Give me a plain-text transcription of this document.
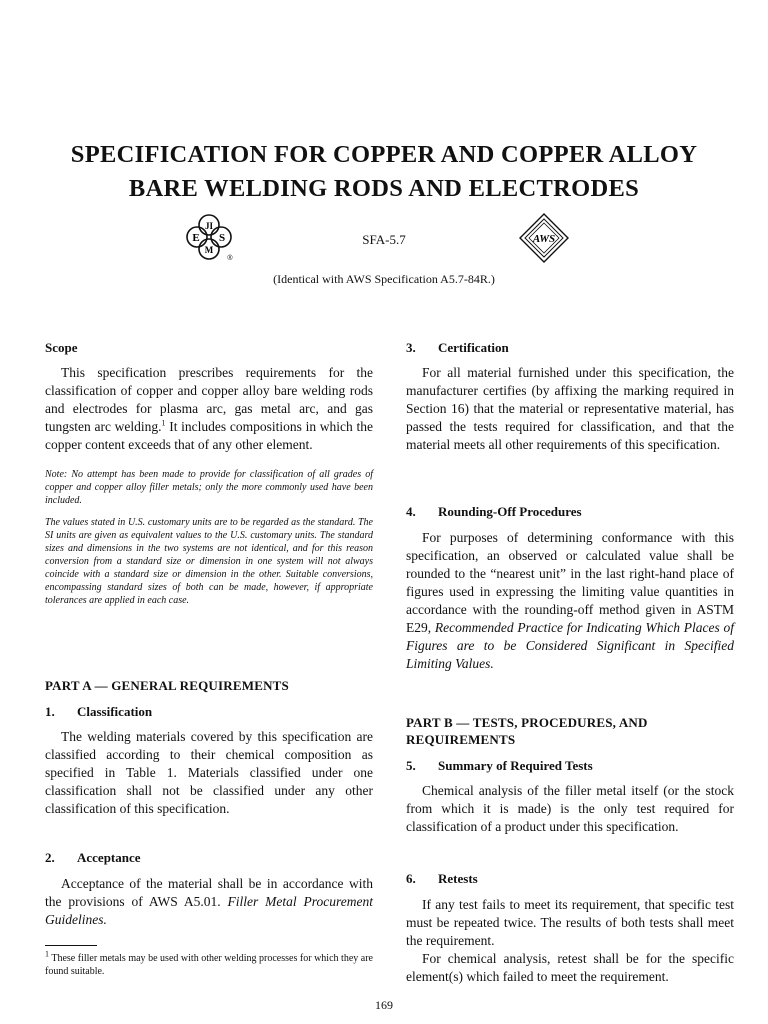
SPECIFICATION FOR COPPER AND COPPER ALLOY
BARE WELDING RODS AND ELECTRODES
JI
E S
M
®
SFA-5.7	AWS
(Identical with AWS Specification A5.7-84R.)
Scope

This specification prescribes requirements for the classification of copper and copper alloy bare welding rods and electrodes for plasma arc, gas metal arc, and gas tungsten arc welding.$^1$ It includes compositions in which the copper content exceeds that of any other element.

Note: No attempt has been made to provide for classification of all grades of copper and copper alloy filler metals; only the more commonly used have been included.

The values stated in U.S. customary units are to be regarded as the standard. The SI units are given as equivalent values to the U.S. customary units. The standard sizes and dimensions in the two systems are not identical, and for this reason conversion from a standard size or dimension in one system will not always coincide with a standard size or dimension in the other. Suitable conversions, encompassing standard sizes of both can be made, however, if appropriate tolerances are applied in each case.

PART A — GENERAL REQUIREMENTS
1. Classification

The welding materials covered by this specification are classified according to their chemical composition as specified in Table 1. Materials classified under one classification shall not be classified under any other classification of this specification.

2. Acceptance

Acceptance of the material shall be in accordance with the provisions of AWS A5.01. Filler Metal Procurement Guidelines.

$^1$ These filler metals may be used with other welding processes for which they are found suitable.
3. Certification

For all material furnished under this specification, the manufacturer certifies (by affixing the marking required in Section 16) that the material or representative material, has passed the tests required for classification, and that the material meets all other requirements of this specification.

4. Rounding-Off Procedures

For purposes of determining conformance with this specification, an observed or calculated value shall be rounded to the “nearest unit” in the last right-hand place of figures used in expressing the limiting value quantities in accordance with the rounding-off method given in ASTM E29, Recommended Practice for Indicating Which Places of Figures are to be Considered Significant in Specified Limiting Values.

PART B — TESTS, PROCEDURES, AND REQUIREMENTS
5. Summary of Required Tests

Chemical analysis of the filler metal itself (or the stock from which it is made) is the only test required for classification of a product under this specification.

6. Retests

If any test fails to meet its requirement, that specific test must be repeated twice. The results of both tests shall meet the requirement.

For chemical analysis, retest shall be for the specific element(s) which failed to meet the requirement.

169
